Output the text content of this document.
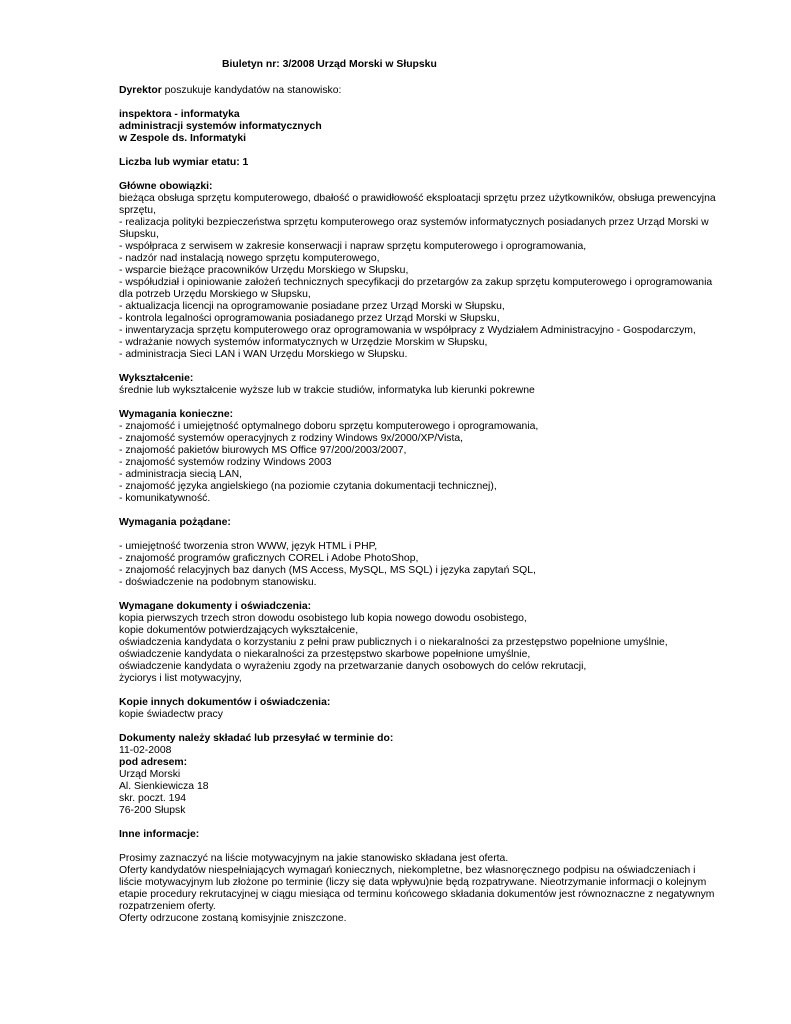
Biuletyn nr: 3/2008 Urząd Morski w Słupsku
Dyrektor poszukuje kandydatów na stanowisko:
inspektora - informatyka
administracji systemów informatycznych
w Zespole ds. Informatyki
Liczba lub wymiar etatu: 1
Główne obowiązki:
bieżąca obsługa sprzętu komputerowego, dbałość o prawidłowość eksploatacji sprzętu przez użytkowników, obsługa prewencyjna sprzętu,
- realizacja polityki bezpieczeństwa sprzętu komputerowego oraz systemów informatycznych posiadanych przez Urząd Morski w Słupsku,
- współpraca z serwisem w zakresie konserwacji i napraw sprzętu komputerowego i oprogramowania,
- nadzór nad instalacją nowego sprzętu komputerowego,
- wsparcie bieżące pracowników Urzędu Morskiego w Słupsku,
- współudział i opiniowanie założeń technicznych specyfikacji do przetargów za zakup sprzętu komputerowego i oprogramowania dla potrzeb Urzędu Morskiego w Słupsku,
- aktualizacja licencji na oprogramowanie posiadane przez Urząd Morski w Słupsku,
- kontrola legalności oprogramowania posiadanego przez Urząd Morski w Słupsku,
- inwentaryzacja sprzętu komputerowego oraz oprogramowania w współpracy z Wydziałem Administracyjno - Gospodarczym,
- wdrażanie nowych systemów informatycznych w Urzędzie Morskim w Słupsku,
- administracja Sieci LAN i WAN Urzędu Morskiego w Słupsku.
Wykształcenie:
średnie lub wykształcenie wyższe lub w trakcie studiów, informatyka lub kierunki pokrewne
Wymagania konieczne:
- znajomość i umiejętność optymalnego doboru sprzętu komputerowego i oprogramowania,
- znajomość systemów operacyjnych z rodziny Windows 9x/2000/XP/Vista,
- znajomość pakietów biurowych MS Office 97/200/2003/2007,
- znajomość systemów rodziny Windows 2003
- administracja siecią LAN,
- znajomość języka angielskiego (na poziomie czytania dokumentacji technicznej),
- komunikatywność.
Wymagania pożądane:
- umiejętność tworzenia stron WWW, język HTML i PHP,
- znajomość programów graficznych COREL i Adobe PhotoShop,
- znajomość relacyjnych baz danych (MS Access, MySQL, MS SQL) i języka zapytań SQL,
- doświadczenie na podobnym stanowisku.
Wymagane dokumenty i oświadczenia:
kopia pierwszych trzech stron dowodu osobistego lub kopia nowego dowodu osobistego,
kopie dokumentów potwierdzających wykształcenie,
oświadczenia kandydata o korzystaniu z pełni praw publicznych i o niekaralności za przestępstwo popełnione umyślnie,
oświadczenie kandydata o niekaralności za przestępstwo skarbowe popełnione umyślnie,
oświadczenie kandydata o wyrażeniu zgody na przetwarzanie danych osobowych do celów rekrutacji,
życiorys i list motywacyjny,
Kopie innych dokumentów i oświadczenia:
kopie świadectw pracy
Dokumenty należy składać lub przesyłać w terminie do:
11-02-2008
pod adresem:
Urząd Morski
Al. Sienkiewicza 18
skr. poczt. 194
76-200 Słupsk
Inne informacje:
Prosimy zaznaczyć na liście motywacyjnym na jakie stanowisko składana jest oferta.
Oferty kandydatów niespełniających wymagań koniecznych, niekompletne, bez własnoręcznego podpisu na oświadczeniach i liście motywacyjnym lub złożone po terminie (liczy się data wpływu)nie będą rozpatrywane. Nieotrzymanie informacji o kolejnym etapie procedury rekrutacyjnej w ciągu miesiąca od terminu końcowego składania dokumentów jest równoznaczne z negatywnym rozpatrzeniem oferty.
Oferty odrzucone zostaną komisyjnie zniszczone.
